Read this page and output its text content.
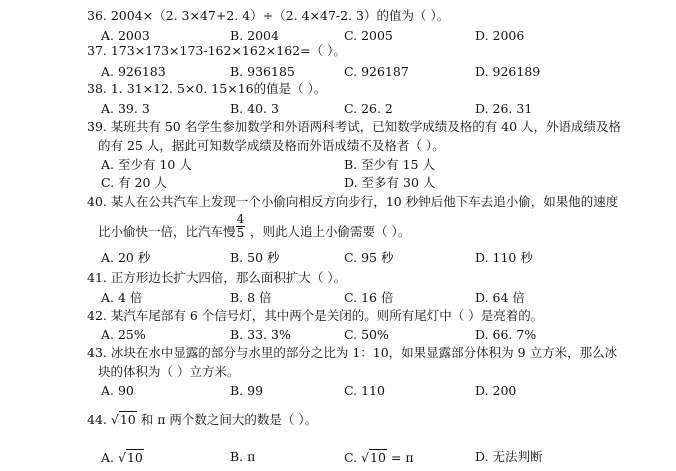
36. 2004×（2. 3×47+2. 4）÷（2. 4×47-2. 3）的值为（ ）。
A. 2003	B. 2004	C. 2005	D. 2006
37. 173×173×173-162×162×162=（ ）。
A. 926183	B. 936185	C. 926187	D. 926189
38. 1. 31×12. 5×0. 15×16的值是（ ）。
A. 39. 3	B. 40. 3	C. 26. 2	D. 26. 31
39. 某班共有 50 名学生参加数学和外语两科考试，已知数学成绩及格的有 40 人，外语成绩及格
的有 25 人，据此可知数学成绩及格而外语成绩不及格者（ ）。
A. 至少有 10 人	B. 至少有 15 人
C. 有 20 人	D. 至多有 30 人
40. 某人在公共汽车上发现一个小偷向相反方向步行，10 秒钟后他下车去追小偷，如果他的速度
比小偷快一倍，比汽车慢
4
5 ，则此人追上小偷需要（ ）。
A. 20 秒	B. 50 秒	C. 95 秒	D. 110 秒
41. 正方形边长扩大四倍，那么面积扩大（ ）。
A. 4 倍	B. 8 倍	C. 16 倍	D. 64 倍
42. 某汽车尾部有 6 个信号灯，其中两个是关闭的。则所有尾灯中（ ）是亮着的。
A. 25%	B. 33. 3%	C. 50%	D. 66. 7%
43. 冰块在水中显露的部分与水里的部分之比为 1：10，如果显露部分体积为 9 立方米，那么冰
块的体积为（ ）立方米。
A. 90	B. 99	C. 110	D. 200
44. √10 和 π 两个数之间大的数是（ ）。
A. √10	B. π	C. √10 = π	D. 无法判断
